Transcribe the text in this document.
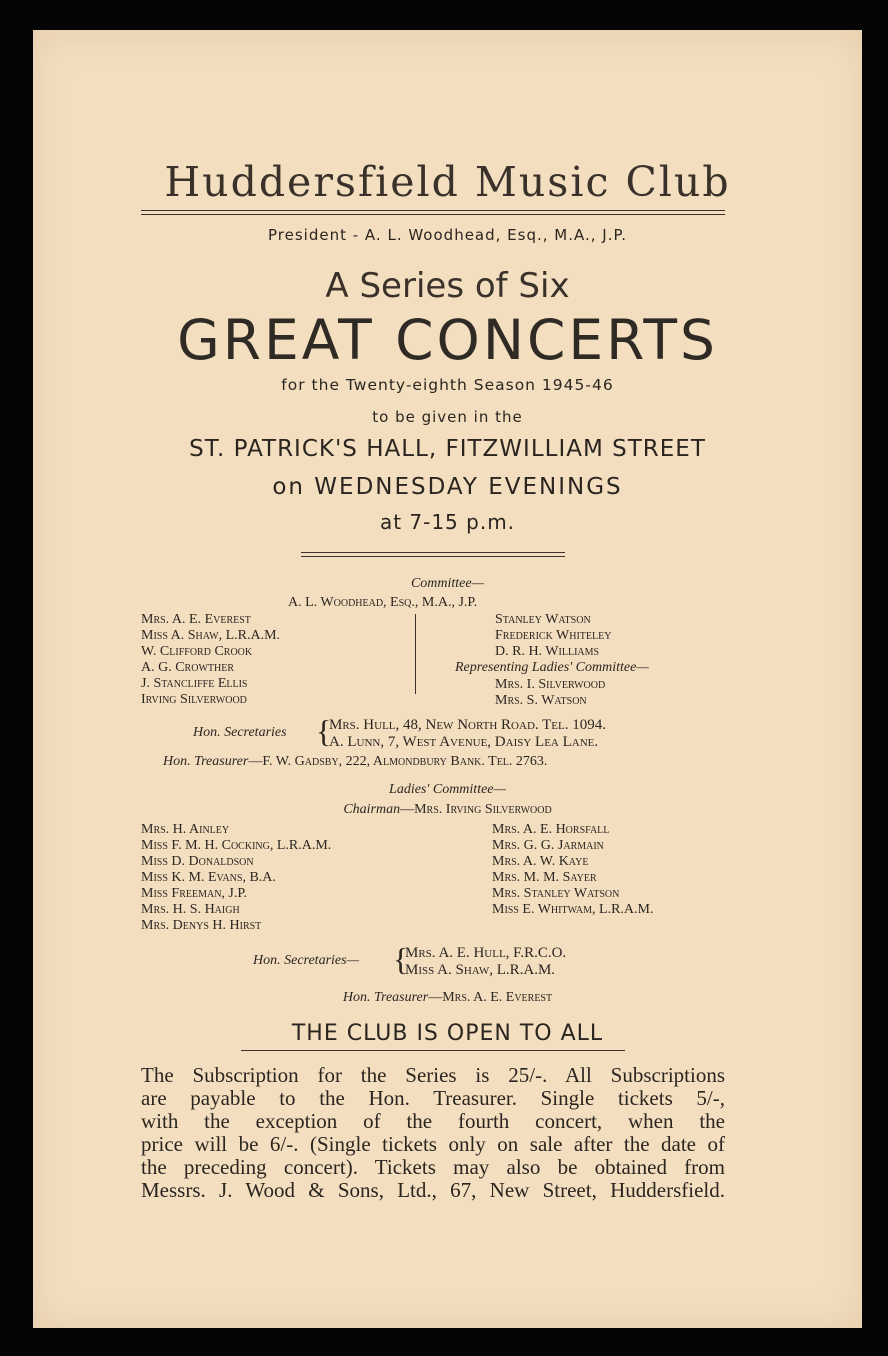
Huddersfield Music Club
President - A. L. Woodhead, Esq., M.A., J.P.
A Series of Six
GREAT CONCERTS
for the Twenty-eighth Season 1945-46
to be given in the
ST. PATRICK'S HALL, FITZWILLIAM STREET
on WEDNESDAY EVENINGS
at 7-15 p.m.
Committee—
A. L. Woodhead, Esq., M.A., J.P.
Mrs. A. E. Everest
Miss A. Shaw, L.R.A.M.
W. Clifford Crook
A. G. Crowther
J. Stancliffe Ellis
Irving Silverwood
Stanley Watson
Frederick Whiteley
D. R. H. Williams
Representing Ladies' Committee—
Mrs. I. Silverwood
Mrs. S. Watson
Hon. Secretaries {
Mrs. Hull, 48, New North Road. Tel. 1094.
A. Lunn, 7, West Avenue, Daisy Lea Lane.
Hon. Treasurer—F. W. Gadsby, 222, Almondbury Bank. Tel. 2763.
Ladies' Committee—
Chairman—Mrs. Irving Silverwood
Mrs. H. Ainley
Miss F. M. H. Cocking, L.R.A.M.
Miss D. Donaldson
Miss K. M. Evans, B.A.
Miss Freeman, J.P.
Mrs. H. S. Haigh
Mrs. Denys H. Hirst
Mrs. A. E. Horsfall
Mrs. G. G. Jarmain
Mrs. A. W. Kaye
Mrs. M. M. Sayer
Mrs. Stanley Watson
Miss E. Whitwam, L.R.A.M.
Hon. Secretaries— {
Mrs. A. E. Hull, F.R.C.O.
Miss A. Shaw, L.R.A.M.
Hon. Treasurer—Mrs. A. E. Everest
THE CLUB IS OPEN TO ALL
The Subscription for the Series is 25/-. All Subscriptions
are payable to the Hon. Treasurer. Single tickets 5/-,
with the exception of the fourth concert, when the
price will be 6/-. (Single tickets only on sale after the date of
the preceding concert). Tickets may also be obtained from
Messrs. J. Wood & Sons, Ltd., 67, New Street, Huddersfield.
